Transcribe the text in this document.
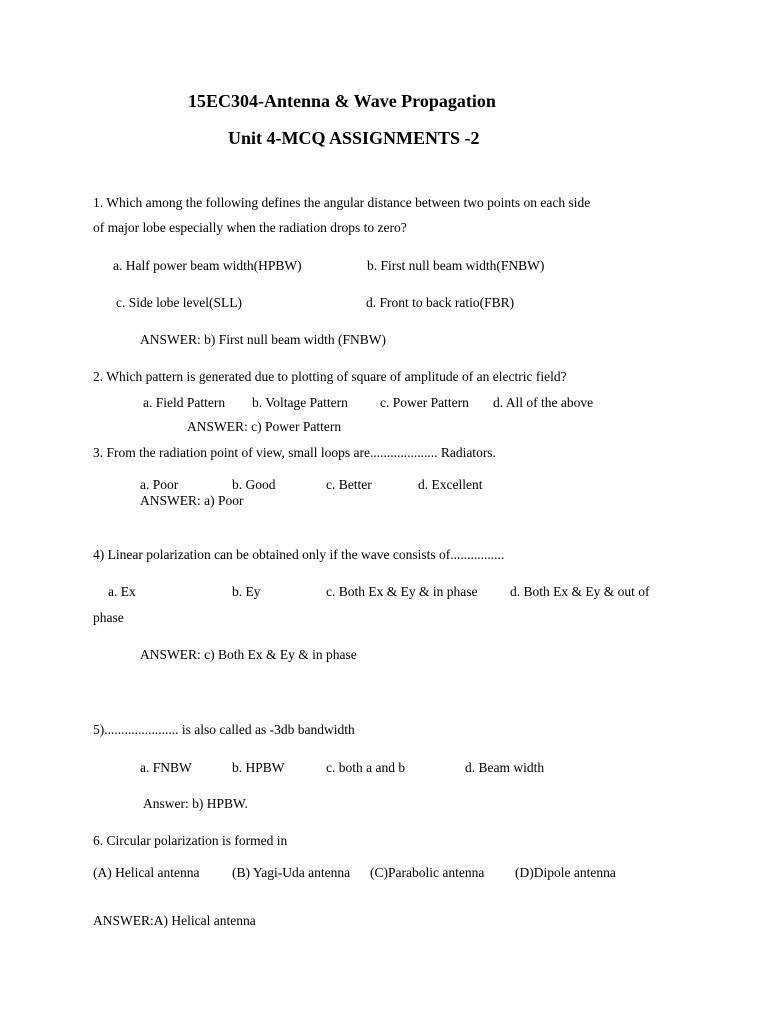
15EC304-Antenna & Wave Propagation
Unit 4-MCQ ASSIGNMENTS -2
1. Which among the following defines the angular distance between two points on each side
of major lobe especially when the radiation drops to zero?
a. Half power beam width(HPBW)	b. First null beam width(FNBW)
c. Side lobe level(SLL)	d. Front to back ratio(FBR)
ANSWER: b) First null beam width (FNBW)
2. Which pattern is generated due to plotting of square of amplitude of an electric field?
a. Field Pattern b. Voltage Pattern c. Power Pattern d. All of the above
ANSWER: c) Power Pattern
3. From the radiation point of view, small loops are.................... Radiators.
a. Poor	b. Good	c. Better	d. Excellent
ANSWER: a) Poor
4) Linear polarization can be obtained only if the wave consists of................
a. Ex	b. Ey	c. Both Ex & Ey & in phase d. Both Ex & Ey & out of
phase
ANSWER: c) Both Ex & Ey & in phase
5)...................... is also called as -3db bandwidth
a. FNBW	b. HPBW	c. both a and b	d. Beam width
Answer: b) HPBW.
6. Circular polarization is formed in
(A) Helical antenna (B) Yagi-Uda antenna (C)Parabolic antenna (D)Dipole antenna
ANSWER:A) Helical antenna
